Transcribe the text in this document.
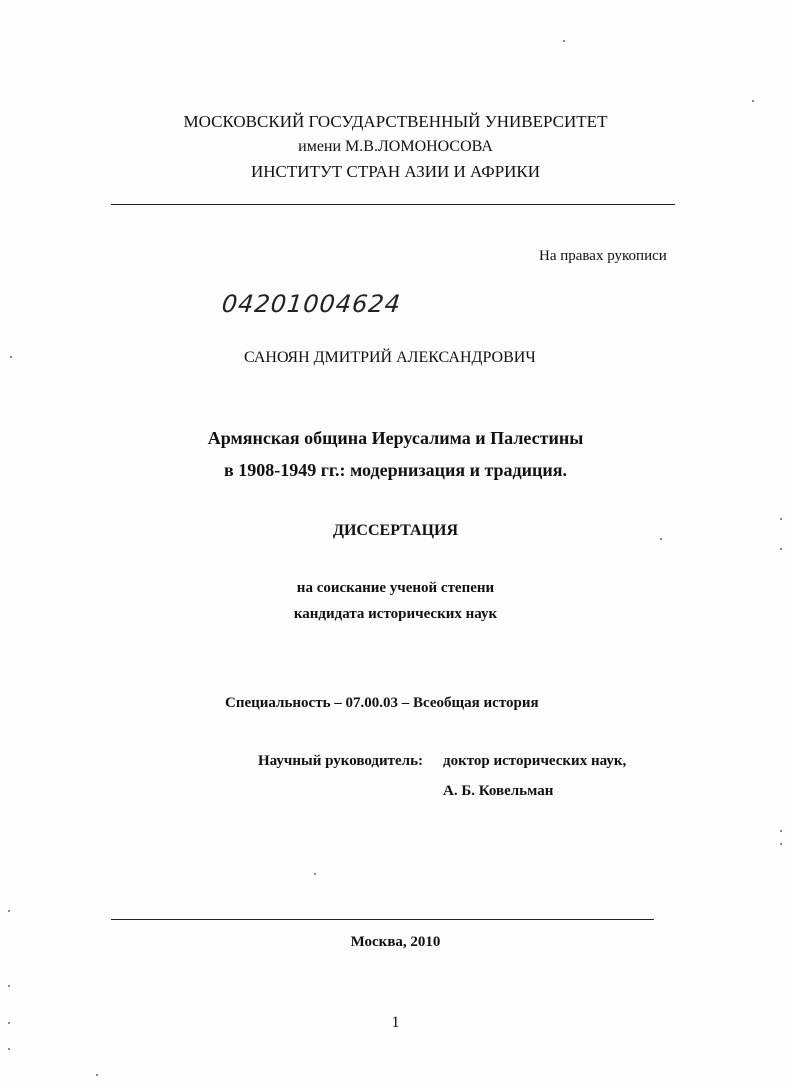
МОСКОВСКИЙ ГОСУДАРСТВЕННЫЙ УНИВЕРСИТЕТ
имени М.В.ЛОМОНОСОВА
ИНСТИТУТ СТРАН АЗИИ И АФРИКИ
На правах рукописи
04201004624
САНОЯН ДМИТРИЙ АЛЕКСАНДРОВИЧ
Армянская община Иерусалима и Палестины
в 1908-1949 гг.: модернизация и традиция.
ДИССЕРТАЦИЯ
на соискание ученой степени
кандидата исторических наук
Специальность – 07.00.03 – Всеобщая история
Научный руководитель: доктор исторических наук,
А. Б. Ковельман
Москва, 2010
1
